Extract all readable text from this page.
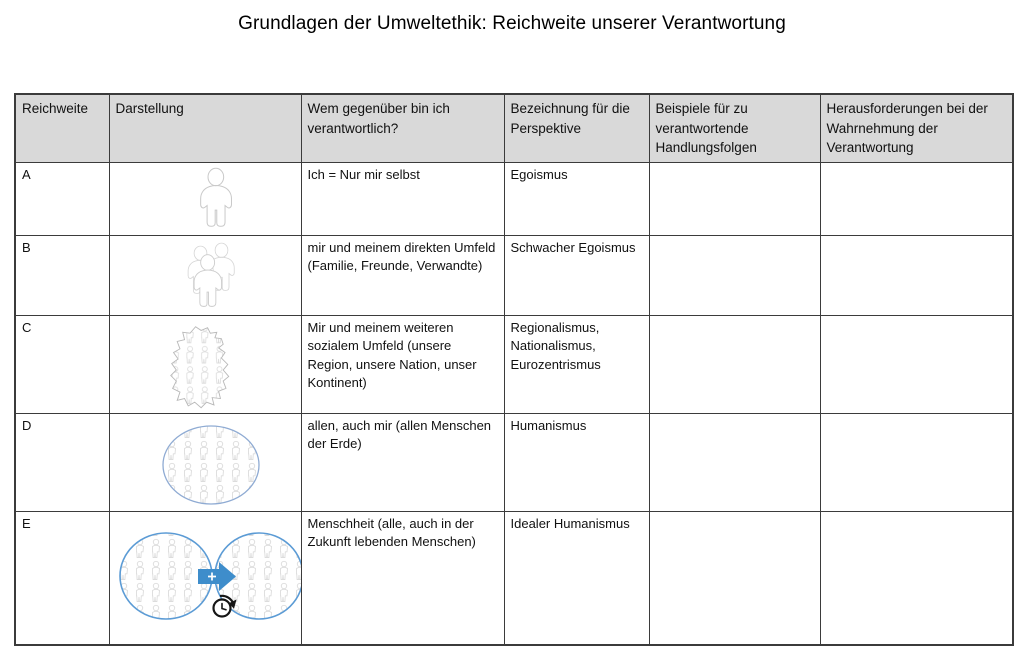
Grundlagen der Umweltethik: Reichweite unserer Verantwortung
Reichweite	Darstellung	Wem gegenüber bin ich verantwortlich?	Bezeichnung für die Perspektive	Beispiele für zu verantwortende Handlungsfolgen	Herausforderungen bei der Wahrnehmung der Verantwortung
A		Ich = Nur mir selbst	Egoismus		
B		mir und meinem direkten Umfeld (Familie, Freunde, Verwandte)	Schwacher Egoismus		
C		Mir und meinem weiteren sozialem Umfeld (unsere Region, unsere Nation, unser Kontinent)	Regionalismus, Nationalismus, Eurozentrismus		
D		allen, auch mir (allen Menschen der Erde)	Humanismus		
E		Menschheit (alle, auch in der Zukunft lebenden Menschen)	Idealer Humanismus		
